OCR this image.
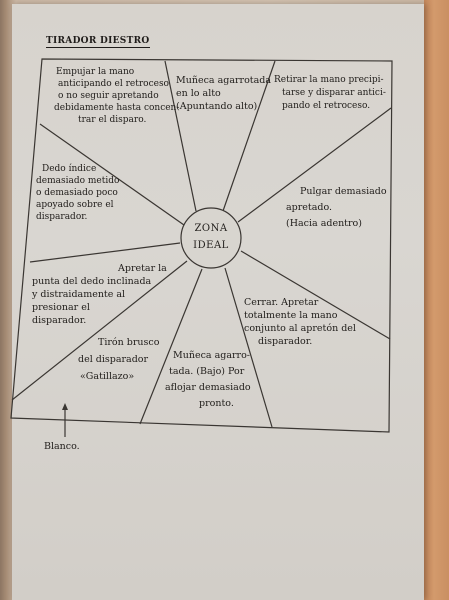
TIRADOR DIESTRO
ZONA
IDEAL
Empujar la mano
anticipando el retroceso
o no seguir apretando
debidamente hasta concen-
trar el disparo.
Muñeca agarrotada
en lo alto
(Apuntando alto)
Retirar la mano precipi-
tarse y disparar antici-
pando el retroceso.
Dedo índice
demasiado metido
o demasiado poco
apoyado sobre el
disparador.
Pulgar demasiado
apretado.
(Hacia adentro)
Apretar la
punta del dedo inclinada
y distraidamente al
presionar el
disparador.
Cerrar. Apretar
totalmente la mano
conjunto al apretón del
disparador.
Tirón brusco
del disparador
«Gatillazo»
Muñeca agarro-
tada. (Bajo) Por
aflojar demasiado
pronto.
Blanco.
